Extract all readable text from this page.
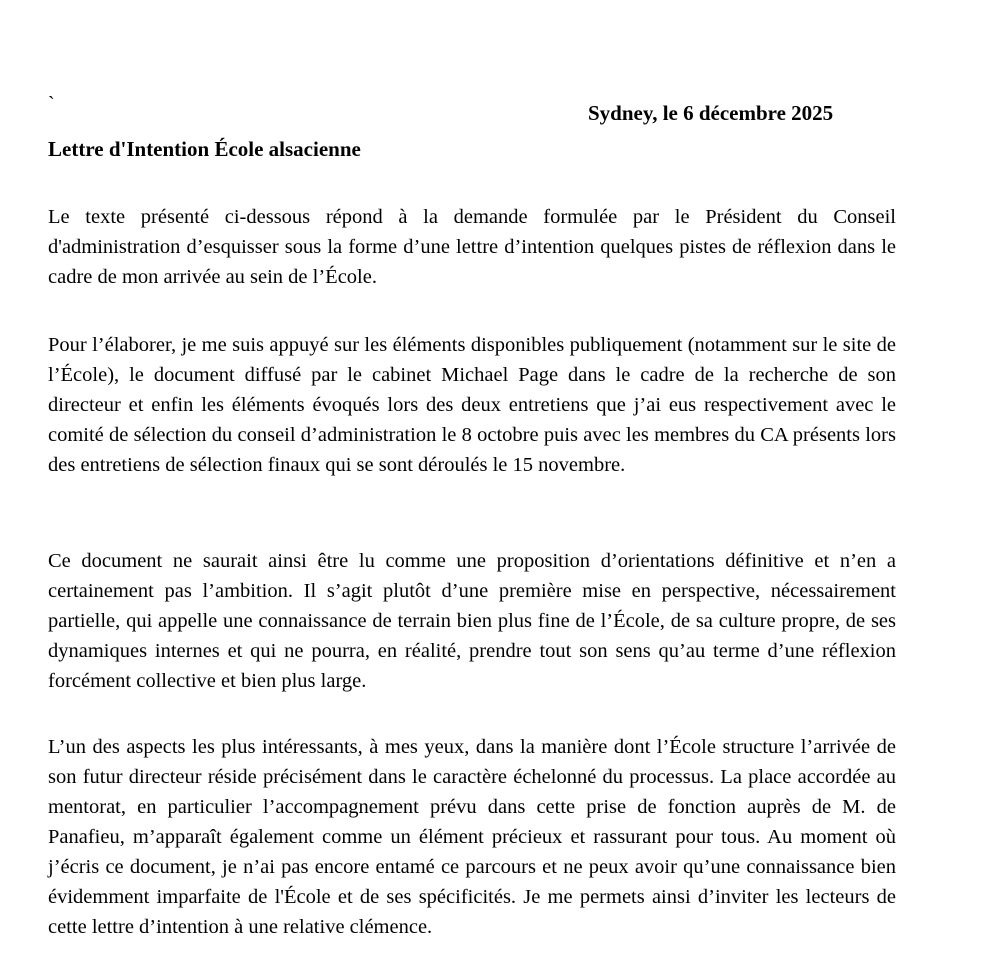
`	Sydney, le 6 décembre 2025
Lettre d'Intention École alsacienne

Le texte présenté ci-dessous répond à la demande formulée par le Président du Conseil d'administration d’esquisser sous la forme d’une lettre d’intention quelques pistes de réflexion dans le cadre de mon arrivée au sein de l’École.

Pour l’élaborer, je me suis appuyé sur les éléments disponibles publiquement (notamment sur le site de l’École), le document diffusé par le cabinet Michael Page dans le cadre de la recherche de son directeur et enfin les éléments évoqués lors des deux entretiens que j’ai eus respectivement avec le comité de sélection du conseil d’administration le 8 octobre puis avec les membres du CA présents lors des entretiens de sélection finaux qui se sont déroulés le 15 novembre.

Ce document ne saurait ainsi être lu comme une proposition d’orientations définitive et n’en a certainement pas l’ambition. Il s’agit plutôt d’une première mise en perspective, nécessairement partielle, qui appelle une connaissance de terrain bien plus fine de l’École, de sa culture propre, de ses dynamiques internes et qui ne pourra, en réalité, prendre tout son sens qu’au terme d’une réflexion forcément collective et bien plus large.

L’un des aspects les plus intéressants, à mes yeux, dans la manière dont l’École structure l’arrivée de son futur directeur réside précisément dans le caractère échelonné du processus. La place accordée au mentorat, en particulier l’accompagnement prévu dans cette prise de fonction auprès de M. de Panafieu, m’apparaît également comme un élément précieux et rassurant pour tous. Au moment où j’écris ce document, je n’ai pas encore entamé ce parcours et ne peux avoir qu’une connaissance bien évidemment imparfaite de l'École et de ses spécificités. Je me permets ainsi d’inviter les lecteurs de cette lettre d’intention à une relative clémence.
